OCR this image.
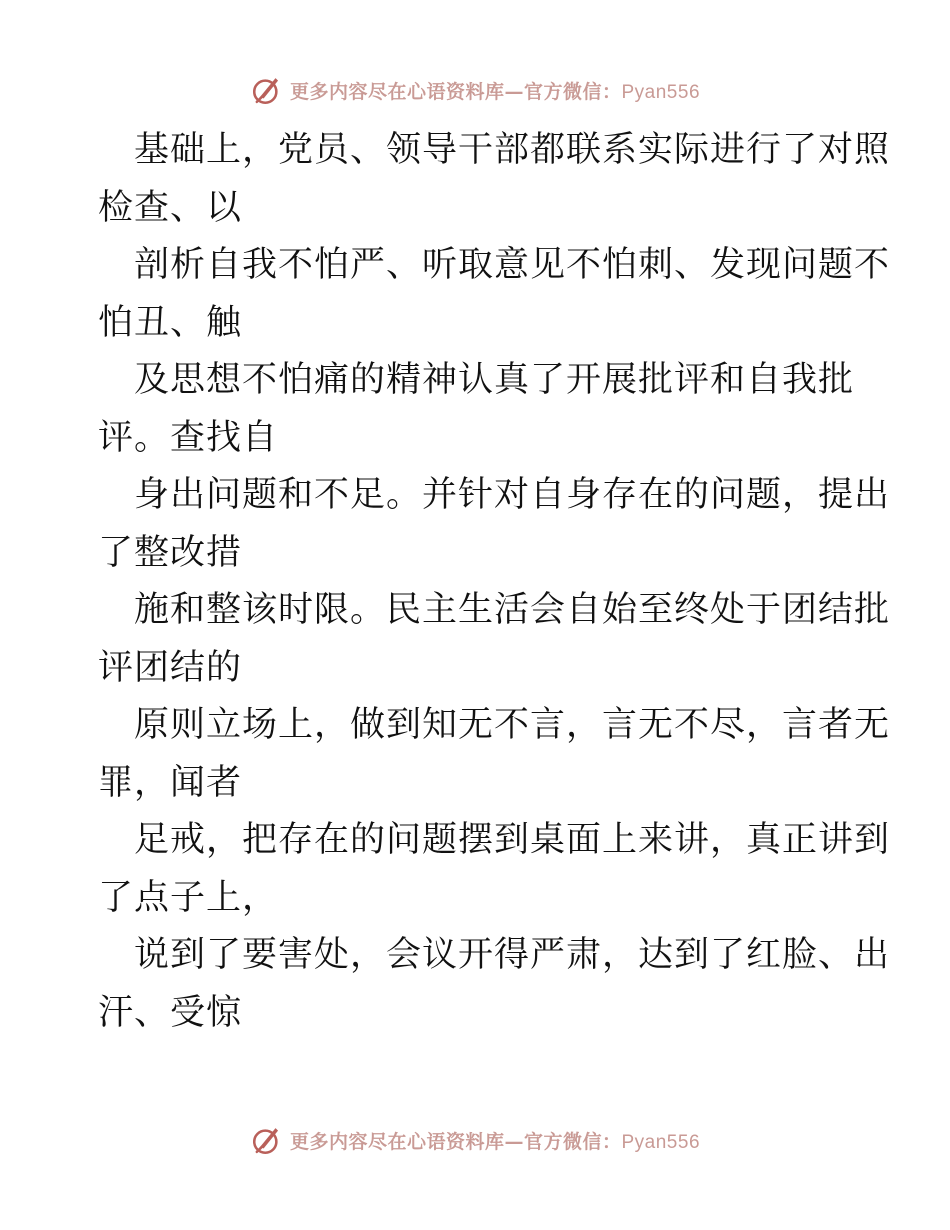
更多内容尽在心语资料库—官方微信：Pyan556

基础上，党员、领导干部都联系实际进行了对照
检查、以

剖析自我不怕严、听取意见不怕刺、发现问题不
怕丑、触

及思想不怕痛的精神认真了开展批评和自我批
评。查找自

身出问题和不足。并针对自身存在的问题，提出
了整改措

施和整该时限。民主生活会自始至终处于团结批
评团结的

原则立场上，做到知无不言，言无不尽，言者无
罪，闻者

足戒，把存在的问题摆到桌面上来讲，真正讲到
了点子上，

说到了要害处，会议开得严肃，达到了红脸、出
汗、受惊

更多内容尽在心语资料库—官方微信：Pyan556
